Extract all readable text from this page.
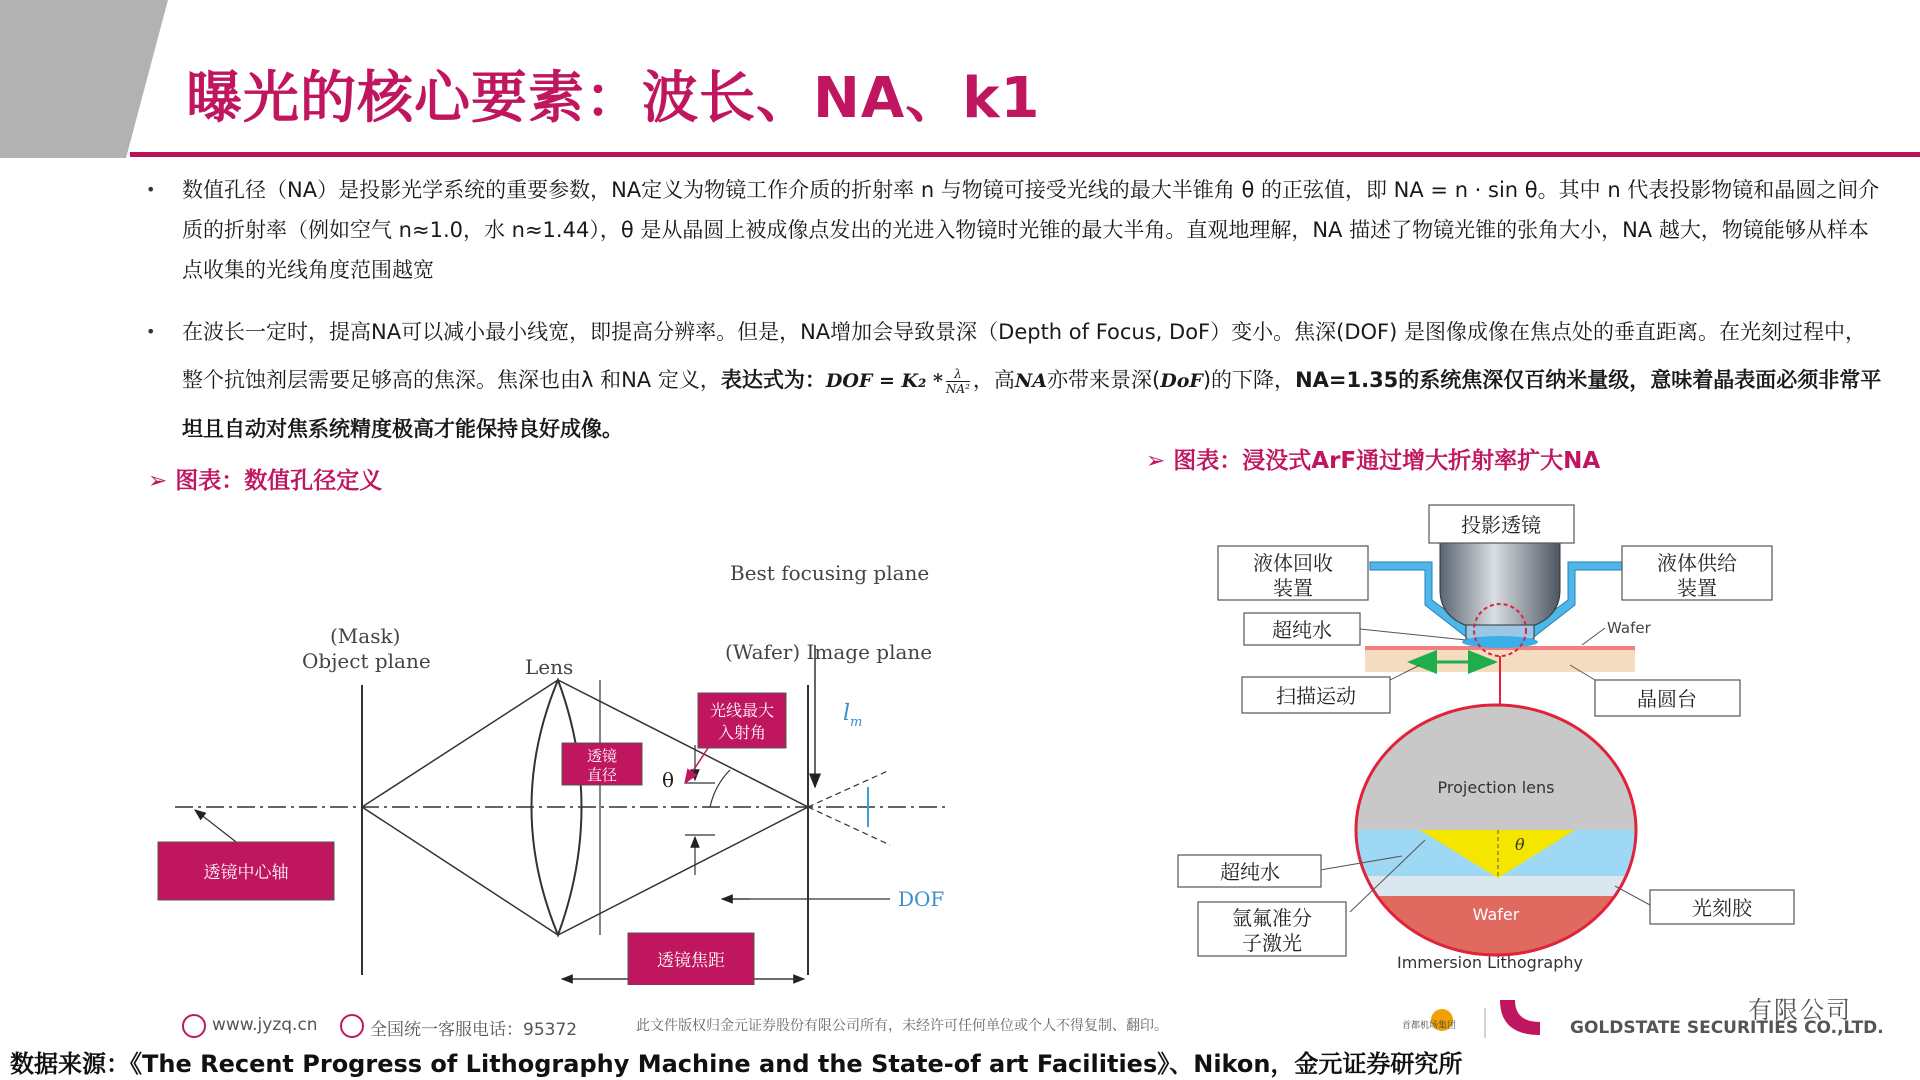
曝光的核心要素：波长、NA、k1
• 数值孔径（NA）是投影光学系统的重要参数，NA定义为物镜工作介质的折射率 n 与物镜可接受光线的最大半锥角 θ 的正弦值，即 NA = n · sin θ。其中 n 代表投影物镜和晶圆之间介质的折射率（例如空气 n≈1.0，水 n≈1.44），θ 是从晶圆上被成像点发出的光进入物镜时光锥的最大半角。直观地理解，NA 描述了物镜光锥的张角大小，NA 越大，物镜能够从样本点收集的光线角度范围越宽
• 在波长一定时，提高NA可以减小最小线宽，即提高分辨率。但是，NA增加会导致景深（Depth of Focus, DoF）变小。焦深(DOF) 是图像成像在焦点处的垂直距离。在光刻过程中，整个抗蚀剂层需要足够高的焦深。焦深也由λ 和NA 定义，表达式为：DOF = $K_2 * \frac{\lambda}{\text{NA²}}$ ，高NA亦带来景深(DoF)的下降，NA=1.35的系统焦深仅百纳米量级，意味着晶表面必须非常平坦且自动对焦系统精度极高才能保持良好成像。
➢ 图表：数值孔径定义
➢ 图表：浸没式ArF通过增大折射率扩大NA
θ
Best focusing plane
(Mask)
Object plane	Lens
(Wafer) Image plane
$l_m$
DOF
光线最大
入射角
透镜
直径
透镜中心轴
透镜焦距
Wafer
Projection lens
θ
Wafer
Immersion Lithography
投影透镜
液体回收
装置
液体供给
装置
超纯水
扫描运动	晶圆台
超纯水
氩氟准分
子激光
光刻胶
www.jyzq.cn	全国统一客服电话：95372	此文件版权归金元证券股份有限公司所有，未经许可任何单位或个人不得复制、翻印。	首都机场集团
有限公司
GOLDSTATE SECURITIES CO.,LTD.
数据来源：《The Recent Progress of Lithography Machine and the State-of art Facilities》、Nikon，金元证券研究所
